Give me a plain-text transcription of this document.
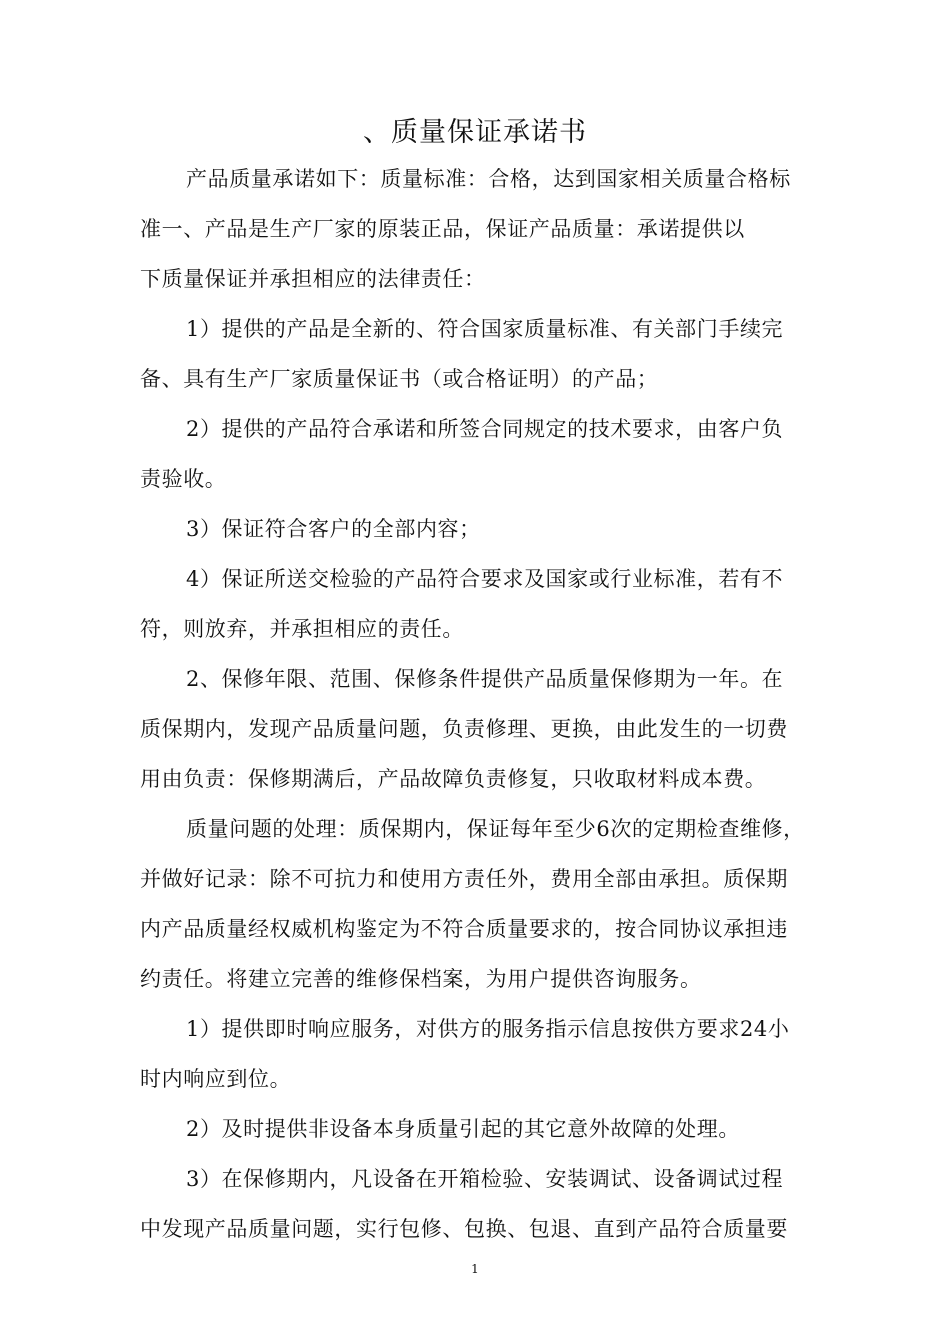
、质量保证承诺书
产品质量承诺如下：质量标准：合格，达到国家相关质量合格标
准一、产品是生产厂家的原装正品，保证产品质量：承诺提供以
下质量保证并承担相应的法律责任：
1）提供的产品是全新的、符合国家质量标准、有关部门手续完
备、具有生产厂家质量保证书（或合格证明）的产品；
2）提供的产品符合承诺和所签合同规定的技术要求，由客户负
责验收。
3）保证符合客户的全部内容；
4）保证所送交检验的产品符合要求及国家或行业标准，若有不
符，则放弃，并承担相应的责任。
2、保修年限、范围、保修条件提供产品质量保修期为一年。在
质保期内，发现产品质量问题，负责修理、更换，由此发生的一切费
用由负责：保修期满后，产品故障负责修复，只收取材料成本费。
质量问题的处理：质保期内，保证每年至少6次的定期检查维修，
并做好记录：除不可抗力和使用方责任外，费用全部由承担。质保期
内产品质量经权威机构鉴定为不符合质量要求的，按合同协议承担违
约责任。将建立完善的维修保档案，为用户提供咨询服务。
1）提供即时响应服务，对供方的服务指示信息按供方要求24小
时内响应到位。
2）及时提供非设备本身质量引起的其它意外故障的处理。
3）在保修期内，凡设备在开箱检验、安装调试、设备调试过程
中发现产品质量问题，实行包修、包换、包退、直到产品符合质量要
1
